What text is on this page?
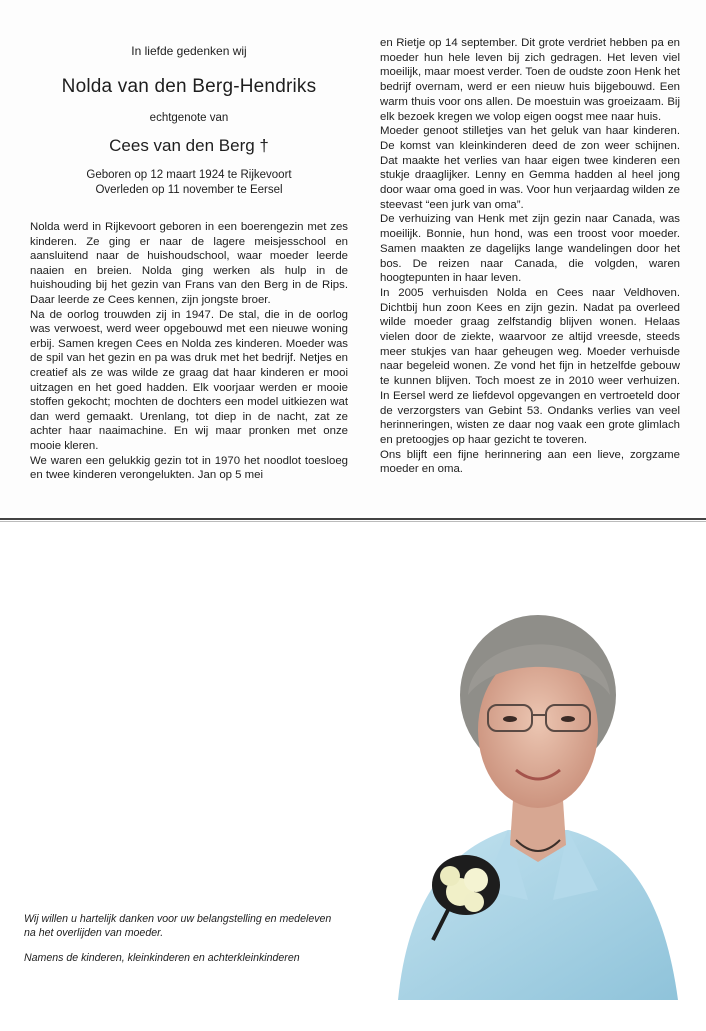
In liefde gedenken wij
Nolda van den Berg-Hendriks
echtgenote van
Cees van den Berg †
Geboren op 12 maart 1924 te Rijkevoort
Overleden op 11 november te Eersel

Nolda werd in Rijkevoort geboren in een boerengezin met zes kinderen. Ze ging er naar de lagere meisjesschool en aansluitend naar de huishoudschool, waar moeder leerde naaien en breien. Nolda ging werken als hulp in de huishouding bij het gezin van Frans van den Berg in de Rips. Daar leerde ze Cees kennen, zijn jongste broer.

Na de oorlog trouwden zij in 1947. De stal, die in de oorlog was verwoest, werd weer opgebouwd met een nieuwe woning erbij. Samen kregen Cees en Nolda zes kinderen. Moeder was de spil van het gezin en pa was druk met het bedrijf. Netjes en creatief als ze was wilde ze graag dat haar kinderen er mooi uitzagen en het goed hadden. Elk voorjaar werden er mooie stoffen gekocht; mochten de dochters een model uitkiezen wat dan werd gemaakt. Urenlang, tot diep in de nacht, zat ze achter haar naaimachine. En wij maar pronken met onze mooie kleren.

We waren een gelukkig gezin tot in 1970 het noodlot toesloeg en twee kinderen verongelukten. Jan op 5 mei

en Rietje op 14 september. Dit grote verdriet hebben pa en moeder hun hele leven bij zich gedragen. Het leven viel moeilijk, maar moest verder. Toen de oudste zoon Henk het bedrijf overnam, werd er een nieuw huis bijgebouwd. Een warm thuis voor ons allen. De moestuin was groeizaam. Bij elk bezoek kregen we volop eigen oogst mee naar huis.

Moeder genoot stilletjes van het geluk van haar kinderen. De komst van kleinkinderen deed de zon weer schijnen. Dat maakte het verlies van haar eigen twee kinderen een stukje draaglijker. Lenny en Gemma hadden al heel jong door waar oma goed in was. Voor hun verjaardag wilden ze steevast “een jurk van oma”.

De verhuizing van Henk met zijn gezin naar Canada, was moeilijk. Bonnie, hun hond, was een troost voor moeder. Samen maakten ze dagelijks lange wandelingen door het bos. De reizen naar Canada, die volgden, waren hoogtepunten in haar leven.

In 2005 verhuisden Nolda en Cees naar Veldhoven. Dichtbij hun zoon Kees en zijn gezin. Nadat pa overleed wilde moeder graag zelfstandig blijven wonen. Helaas vielen door de ziekte, waarvoor ze altijd vreesde, steeds meer stukjes van haar geheugen weg. Moeder verhuisde naar begeleid wonen. Ze vond het fijn in hetzelfde gebouw te kunnen blijven. Toch moest ze in 2010 weer verhuizen. In Eersel werd ze liefdevol opgevangen en vertroeteld door de verzorgsters van Gebint 53. Ondanks verlies van veel herinneringen, wisten ze daar nog vaak een grote glimlach en pretoogjes op haar gezicht te toveren.

Ons blijft een fijne herinnering aan een lieve, zorgzame moeder en oma.

Wij willen u hartelijk danken voor uw belangstelling en medeleven na het overlijden van moeder.

Namens de kinderen, kleinkinderen en achterkleinkinderen
